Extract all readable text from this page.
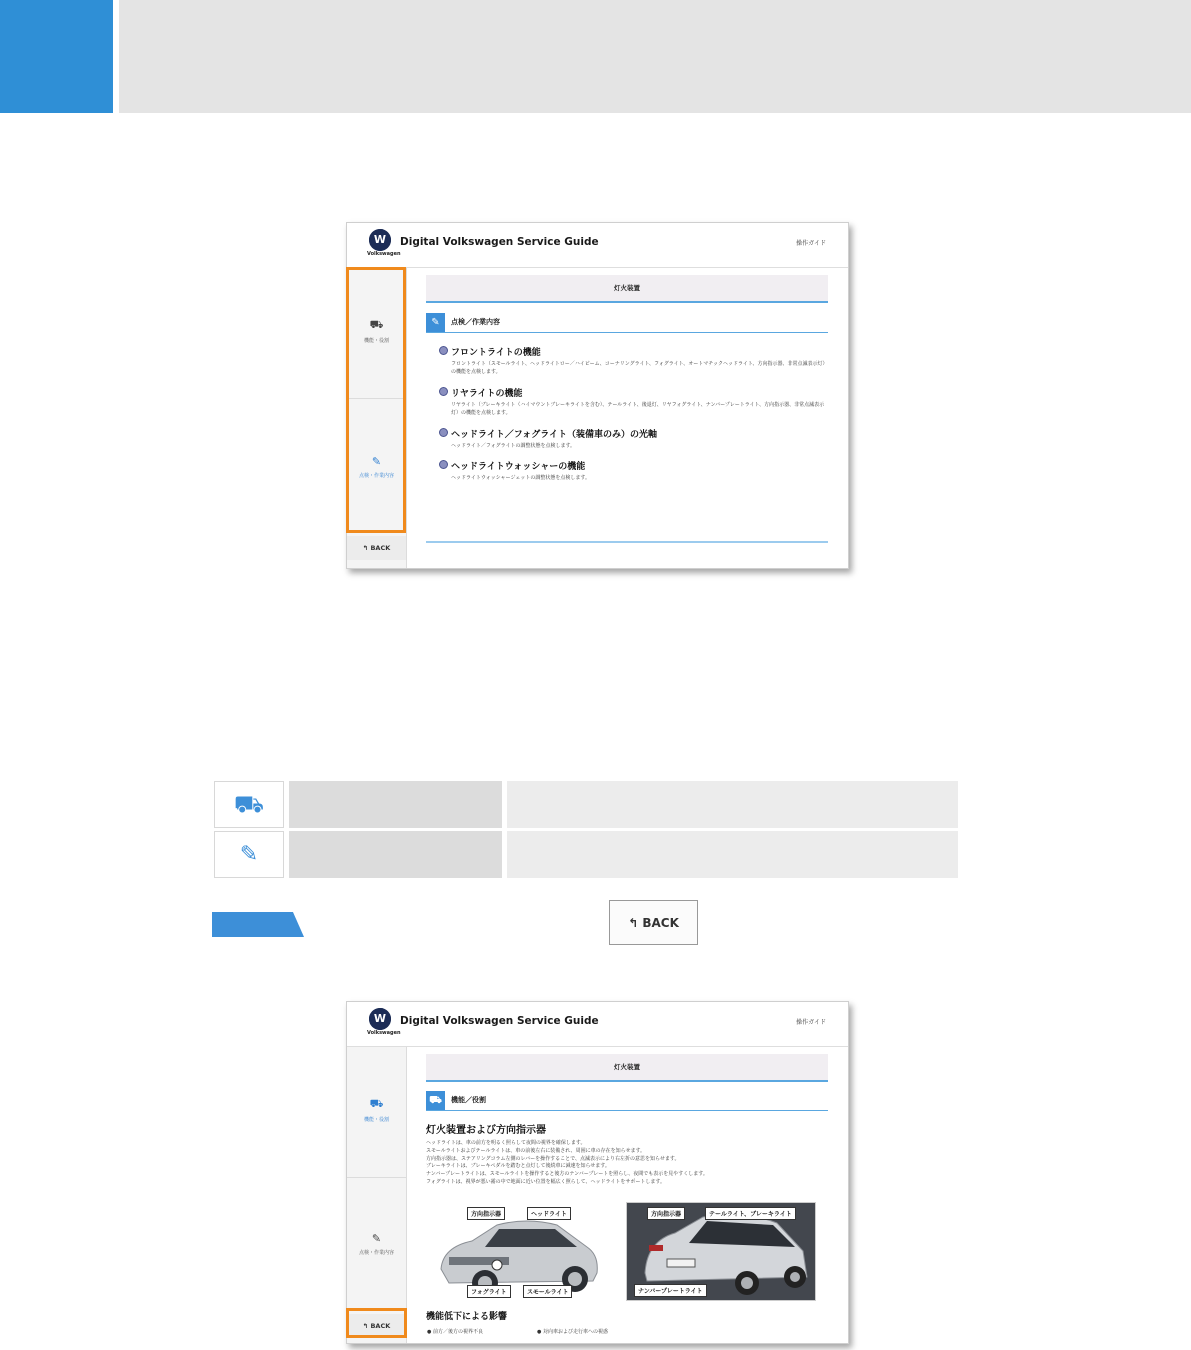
W
Volkswagen
Digital Volkswagen Service Guide	操作ガイド
⛟
機能・役割
✎
点検・作業内容
↰ BACK
灯火装置
✎ 点検／作業内容
フロントライトの機能
フロントライト（スモールライト、ヘッドライトロー／ハイビーム、コーナリングライト、フォグライト、オートマチックヘッドライト、方向指示器、非常点滅表示灯）の機能を点検します。
リヤライトの機能
リヤライト（ブレーキライト（ハイマウントブレーキライトを含む）、テールライト、後退灯、リヤフォグライト、ナンバープレートライト、方向指示器、非常点滅表示灯）の機能を点検します。
ヘッドライト／フォグライト（装備車のみ）の光軸
ヘッドライト／フォグライトの調整状態を点検します。
ヘッドライトウォッシャーの機能
ヘッドライトウォッシャージェットの調整状態を点検します。
⛟
✎
↰ BACK
W
Volkswagen
Digital Volkswagen Service Guide	操作ガイド
⛟
機能・役割
✎
点検・作業内容
↰ BACK
灯火装置
⛟ 機能／役割
灯火装置および方向指示器
ヘッドライトは、車の前方を明るく照らして夜間の視界を確保します。
スモールライトおよびテールライトは、車の前後左右に装備され、周囲に車の存在を知らせます。
方向指示器は、ステアリングコラム左側のレバーを操作することで、点滅表示により右左折の意思を知らせます。
ブレーキライトは、ブレーキペダルを踏むと点灯して後続車に減速を知らせます。
ナンバープレートライトは、スモールライトを操作すると後方のナンバープレートを照らし、夜間でも表示を見やすくします。
フォグライトは、視界が悪い霧の中で地面に近い位置を幅広く照らして、ヘッドライトをサポートします。
方向指示器	ヘッドライト
フォグライト	スモールライト
方向指示器	テールライト、ブレーキライト
ナンバープレートライト
機能低下による影響
● 前方／後方の視界不良	● 対向車および走行車への視惑
